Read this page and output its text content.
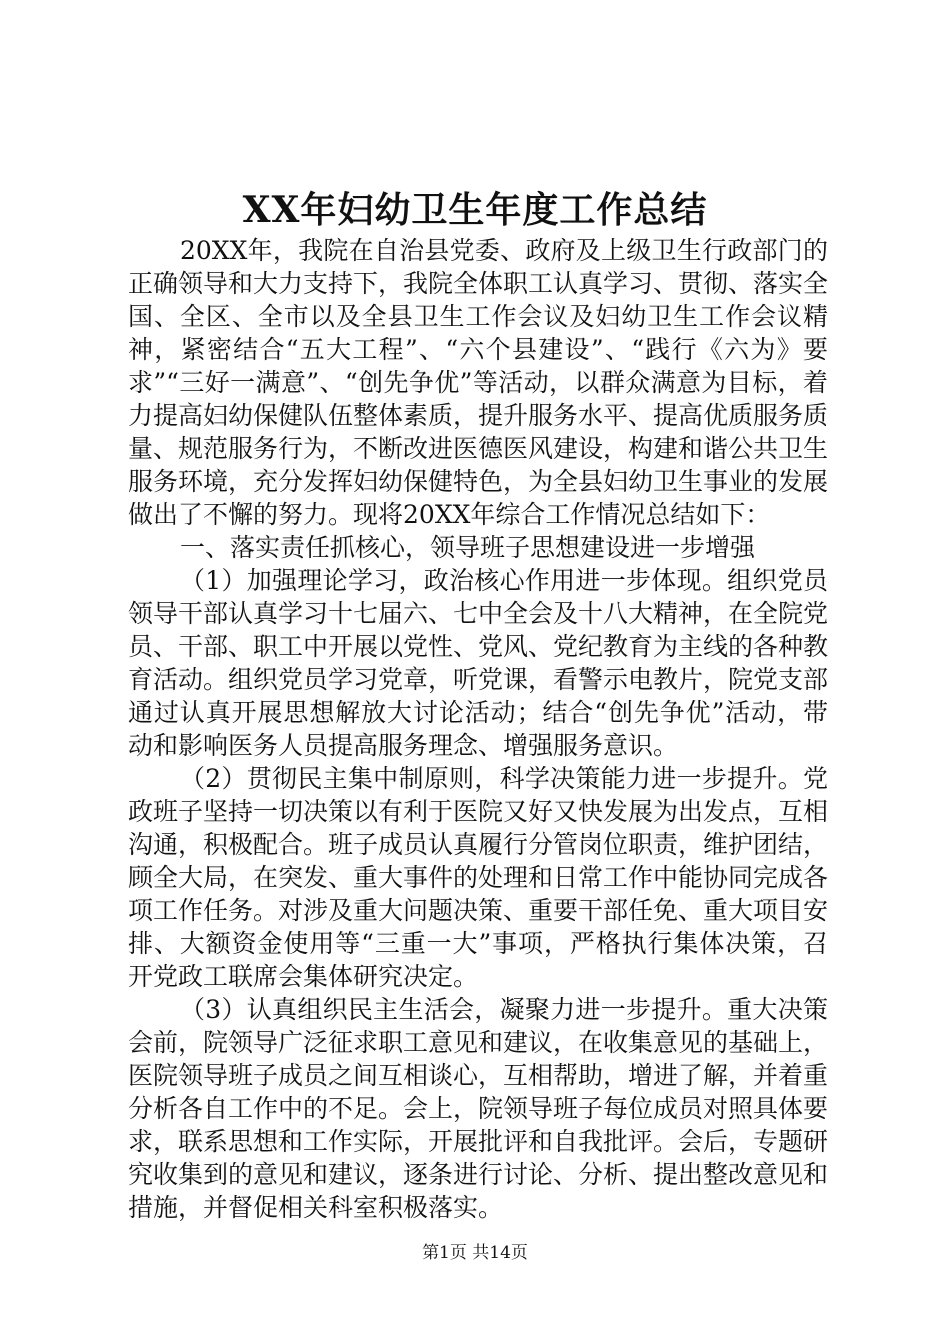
XX年妇幼卫生年度工作总结

20XX年，我院在自治县党委、政府及上级卫生行政部门的正确领导和大力支持下，我院全体职工认真学习、贯彻、落实全国、全区、全市以及全县卫生工作会议及妇幼卫生工作会议精神，紧密结合“五大工程”、“六个县建设”、“践行《六为》要求”“三好一满意”、“创先争优”等活动，以群众满意为目标，着力提高妇幼保健队伍整体素质，提升服务水平、提高优质服务质量、规范服务行为，不断改进医德医风建设，构建和谐公共卫生服务环境，充分发挥妇幼保健特色，为全县妇幼卫生事业的发展做出了不懈的努力。现将20XX年综合工作情况总结如下：

一、落实责任抓核心，领导班子思想建设进一步增强

（1）加强理论学习，政治核心作用进一步体现。组织党员领导干部认真学习十七届六、七中全会及十八大精神，在全院党员、干部、职工中开展以党性、党风、党纪教育为主线的各种教育活动。组织党员学习党章，听党课，看警示电教片，院党支部通过认真开展思想解放大讨论活动；结合“创先争优”活动，带动和影响医务人员提高服务理念、增强服务意识。

（2）贯彻民主集中制原则，科学决策能力进一步提升。党政班子坚持一切决策以有利于医院又好又快发展为出发点，互相沟通，积极配合。班子成员认真履行分管岗位职责，维护团结，顾全大局，在突发、重大事件的处理和日常工作中能协同完成各项工作任务。对涉及重大问题决策、重要干部任免、重大项目安排、大额资金使用等“三重一大”事项，严格执行集体决策，召开党政工联席会集体研究决定。

（3）认真组织民主生活会，凝聚力进一步提升。重大决策会前，院领导广泛征求职工意见和建议，在收集意见的基础上，医院领导班子成员之间互相谈心，互相帮助，增进了解，并着重分析各自工作中的不足。会上，院领导班子每位成员对照具体要求，联系思想和工作实际，开展批评和自我批评。会后，专题研究收集到的意见和建议，逐条进行讨论、分析、提出整改意见和措施，并督促相关科室积极落实。

第1页 共14页
